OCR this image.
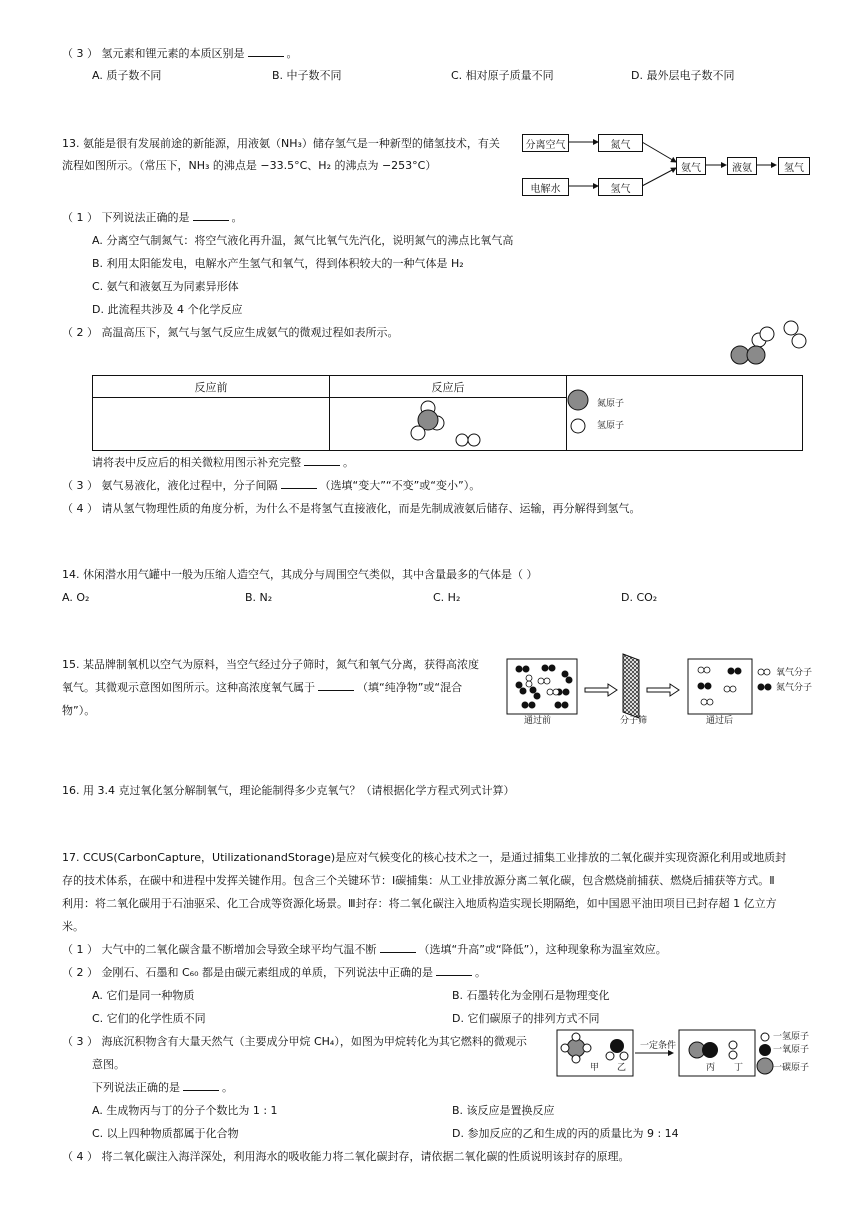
（ 3 ） 氢元素和锂元素的本质区别是	。
A. 质子数不同	B. 中子数不同	C. 相对原子质量不同	D. 最外层电子数不同
13. 氨能是很有发展前途的新能源，用液氨（NH₃）储存氢气是一种新型的储氢技术，有关
流程如图所示。（常压下，NH₃ 的沸点是 −33.5°C、H₂ 的沸点为 −253°C）
分离空气	氮气
电解水	氢气
氨气	液氨	氢气
（ 1 ） 下列说法正确的是	。
A. 分离空气制氮气：将空气液化再升温，氮气比氧气先汽化，说明氮气的沸点比氧气高
B. 利用太阳能发电，电解水产生氢气和氧气，得到体积较大的一种气体是 H₂
C. 氨气和液氨互为同素异形体
D. 此流程共涉及 4 个化学反应
（ 2 ） 高温高压下，氮气与氢气反应生成氨气的微观过程如表所示。
反应前	反应后	

氮原子
氢原子
请将表中反应后的相关微粒用图示补充完整	。
（ 3 ） 氨气易液化，液化过程中，分子间隔	（选填“变大”“不变”或“变小”）。
（ 4 ） 请从氢气物理性质的角度分析，为什么不是将氢气直接液化，而是先制成液氨后储存、运输，再分解得到氢气。
14. 休闲潜水用气罐中一般为压缩人造空气，其成分与周围空气类似，其中含量最多的气体是（ ）
A. O₂	B. N₂	C. H₂	D. CO₂
15. 某品牌制氧机以空气为原料，当空气经过分子筛时，氮气和氧气分离，获得高浓度
氧气。其微观示意图如图所示。这种高浓度氧气属于	（填“纯净物”或“混合
物”）。
氧气分子
氮气分子
通过前	分子筛	通过后
16. 用 3.4 克过氧化氢分解制氧气，理论能制得多少克氧气？（请根据化学方程式列式计算）
17. CCUS(CarbonCapture，UtilizationandStorage)是应对气候变化的核心技术之一，是通过捕集工业排放的二氧化碳并实现资源化利用或地质封
存的技术体系，在碳中和进程中发挥关键作用。包含三个关键环节：Ⅰ碳捕集：从工业排放源分离二氧化碳，包含燃烧前捕获、燃烧后捕获等方式。Ⅱ
利用：将二氧化碳用于石油驱采、化工合成等资源化场景。Ⅲ封存：将二氧化碳注入地质构造实现长期隔绝，如中国恩平油田项目已封存超 1 亿立方
米。
（ 1 ） 大气中的二氧化碳含量不断增加会导致全球平均气温不断	（选填“升高”或“降低”），这种现象称为温室效应。
（ 2 ） 金刚石、石墨和 C₆₀ 都是由碳元素组成的单质，下列说法中正确的是	。
A. 它们是同一种物质	B. 石墨转化为金刚石是物理变化
C. 它们的化学性质不同	D. 它们碳原子的排列方式不同
（ 3 ） 海底沉积物含有大量天然气（主要成分甲烷 CH₄），如图为甲烷转化为其它燃料的微观示
意图。
下列说法正确的是	。
甲 乙
一定条件
丙 丁
一氢原子
一氧原子
一碳原子
A. 生成物丙与丁的分子个数比为 1 : 1	B. 该反应是置换反应
C. 以上四种物质都属于化合物	D. 参加反应的乙和生成的丙的质量比为 9 : 14
（ 4 ） 将二氧化碳注入海洋深处，利用海水的吸收能力将二氧化碳封存，请依据二氧化碳的性质说明该封存的原理。
